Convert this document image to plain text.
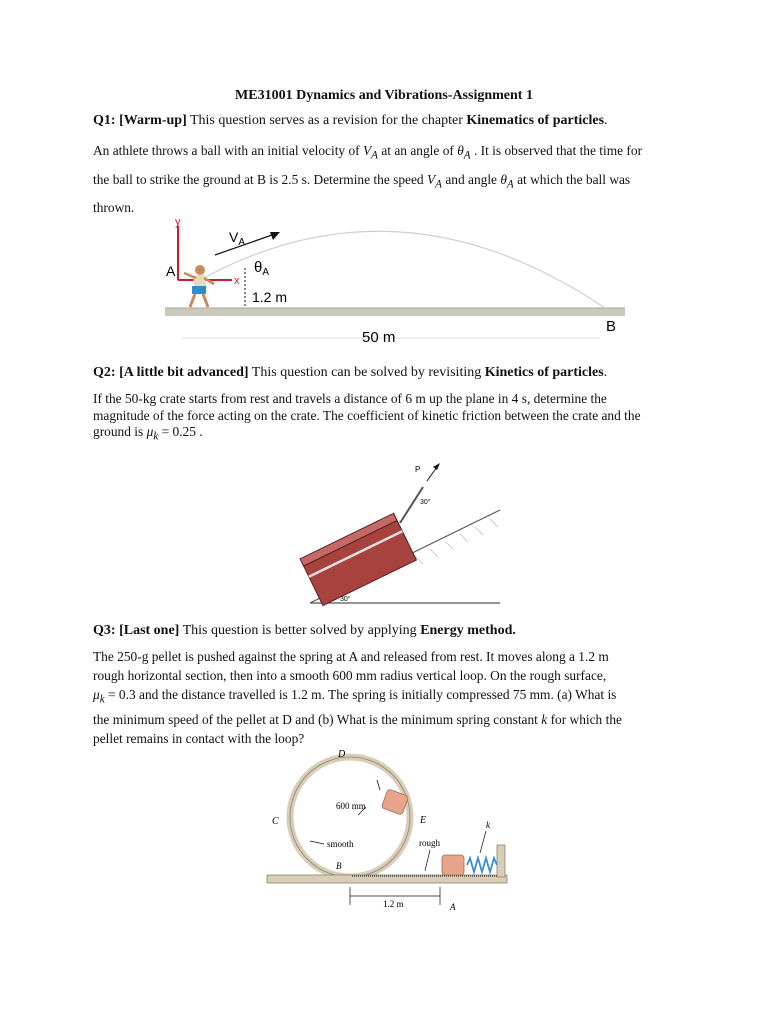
ME31001 Dynamics and Vibrations-Assignment 1
Q1: [Warm-up] This question serves as a revision for the chapter Kinematics of particles.
An athlete throws a ball with an initial velocity of $V_A$ at an angle of $\theta_A$ . It is observed that the time for
the ball to strike the ground at B is 2.5 s. Determine the speed $V_A$ and angle $\theta_A$ at which the ball was
thrown.
y
x
A
$V_A$
$\theta_A$
1.2 m
50 m
B
Q2: [A little bit advanced] This question can be solved by revisiting Kinetics of particles.
If the 50-kg crate starts from rest and travels a distance of 6 m up the plane in 4 s, determine the
magnitude of the force acting on the crate. The coefficient of kinetic friction between the crate and the
ground is $\mu_k = 0.25$ .
P
30°
30°
Q3: [Last one] This question is better solved by applying Energy method.
The 250-g pellet is pushed against the spring at A and released from rest. It moves along a 1.2 m
rough horizontal section, then into a smooth 600 mm radius vertical loop. On the rough surface,
$\mu_k = 0.3$ and the distance travelled is 1.2 m. The spring is initially compressed 75 mm. (a) What is
the minimum speed of the pellet at D and (b) What is the minimum spring constant k for which the
pellet remains in contact with the loop?
D
C	E
B
A
k
600 mm
smooth	rough
1.2 m
